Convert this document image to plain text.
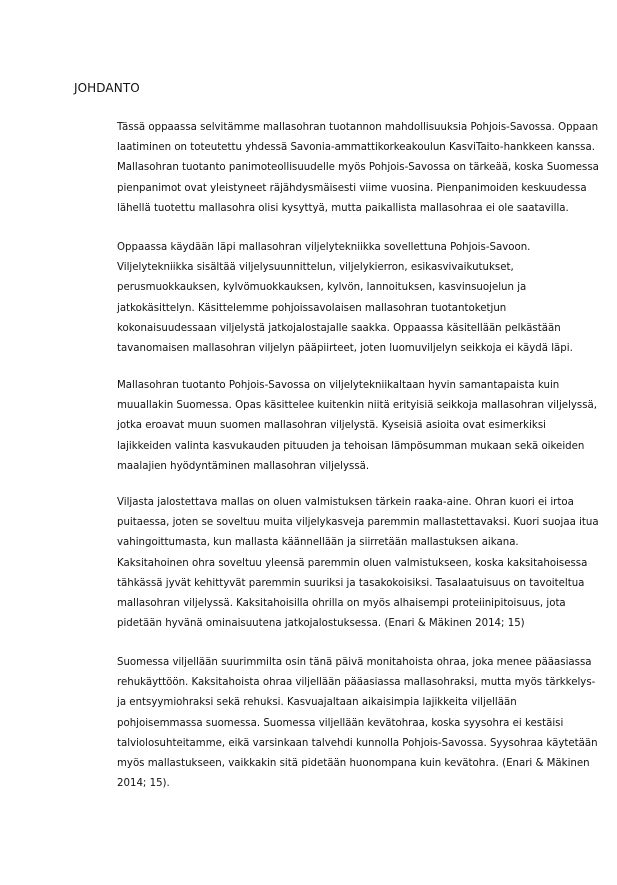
JOHDANTO
Tässä oppaassa selvitämme mallasohran tuotannon mahdollisuuksia Pohjois-Savossa. Oppaan
laatiminen on toteutettu yhdessä Savonia-ammattikorkeakoulun KasviTaito-hankkeen kanssa.
Mallasohran tuotanto panimoteollisuudelle myös Pohjois-Savossa on tärkeää, koska Suomessa
pienpanimot ovat yleistyneet räjähdysmäisesti viime vuosina. Pienpanimoiden keskuudessa
lähellä tuotettu mallasohra olisi kysyttyä, mutta paikallista mallasohraa ei ole saatavilla.
Oppaassa käydään läpi mallasohran viljelytekniikka sovellettuna Pohjois-Savoon.
Viljelytekniikka sisältää viljelysuunnittelun, viljelykierron, esikasvivaikutukset,
perusmuokkauksen, kylvömuokkauksen, kylvön, lannoituksen, kasvinsuojelun ja
jatkokäsittelyn. Käsittelemme pohjoissavolaisen mallasohran tuotantoketjun
kokonaisuudessaan viljelystä jatkojalostajalle saakka. Oppaassa käsitellään pelkästään
tavanomaisen mallasohran viljelyn pääpiirteet, joten luomuviljelyn seikkoja ei käydä läpi.
Mallasohran tuotanto Pohjois-Savossa on viljelytekniikaltaan hyvin samantapaista kuin
muuallakin Suomessa. Opas käsittelee kuitenkin niitä erityisiä seikkoja mallasohran viljelyssä,
jotka eroavat muun suomen mallasohran viljelystä. Kyseisiä asioita ovat esimerkiksi
lajikkeiden valinta kasvukauden pituuden ja tehoisan lämpösumman mukaan sekä oikeiden
maalajien hyödyntäminen mallasohran viljelyssä.
Viljasta jalostettava mallas on oluen valmistuksen tärkein raaka-aine. Ohran kuori ei irtoa
puitaessa, joten se soveltuu muita viljelykasveja paremmin mallastettavaksi. Kuori suojaa itua
vahingoittumasta, kun mallasta käännellään ja siirretään mallastuksen aikana.
Kaksitahoinen ohra soveltuu yleensä paremmin oluen valmistukseen, koska kaksitahoisessa
tähkässä jyvät kehittyvät paremmin suuriksi ja tasakokoisiksi. Tasalaatuisuus on tavoiteltua
mallasohran viljelyssä. Kaksitahoisilla ohrilla on myös alhaisempi proteiinipitoisuus, jota
pidetään hyvänä ominaisuutena jatkojalostuksessa. (Enari & Mäkinen 2014; 15)
Suomessa viljellään suurimmilta osin tänä päivä monitahoista ohraa, joka menee pääasiassa
rehukäyttöön. Kaksitahoista ohraa viljellään pääasiassa mallasohraksi, mutta myös tärkkelys-
ja entsyymiohraksi sekä rehuksi. Kasvuajaltaan aikaisimpia lajikkeita viljellään
pohjoisemmassa suomessa. Suomessa viljellään kevätohraa, koska syysohra ei kestäisi
talviolosuhteitamme, eikä varsinkaan talvehdi kunnolla Pohjois-Savossa. Syysohraa käytetään
myös mallastukseen, vaikkakin sitä pidetään huonompana kuin kevätohra. (Enari & Mäkinen
2014; 15).
